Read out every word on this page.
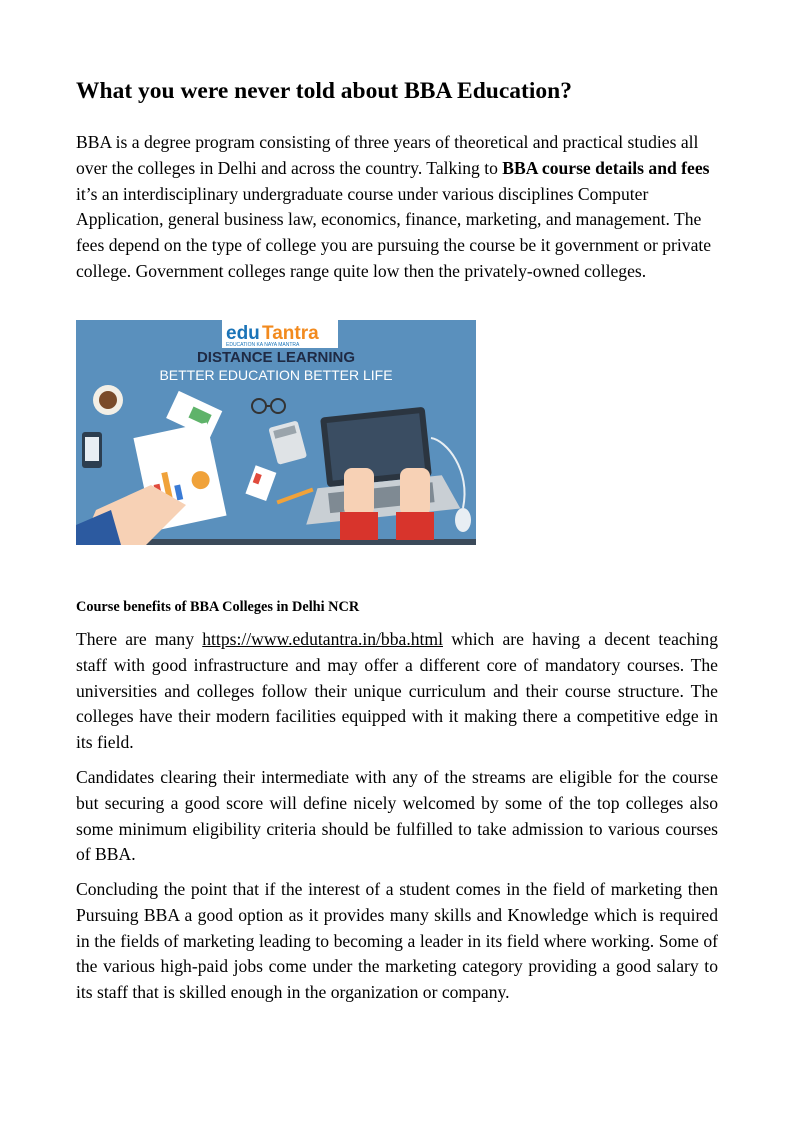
What you were never told about BBA Education?

BBA is a degree program consisting of three years of theoretical and practical studies all over the colleges in Delhi and across the country. Talking to BBA course details and fees it’s an interdisciplinary undergraduate course under various disciplines Computer Application, general business law, economics, finance, marketing, and management. The fees depend on the type of college you are pursuing the course be it government or private college. Government colleges range quite low then the privately-owned colleges.

edu Tantra
EDUCATION KA NAYA MANTRA
DISTANCE LEARNING
BETTER EDUCATION BETTER LIFE
Course benefits of BBA Colleges in Delhi NCR

There are many https://www.edutantra.in/bba.html which are having a decent teaching staff with good infrastructure and may offer a different core of mandatory courses. The universities and colleges follow their unique curriculum and their course structure. The colleges have their modern facilities equipped with it making there a competitive edge in its field.

Candidates clearing their intermediate with any of the streams are eligible for the course but securing a good score will define nicely welcomed by some of the top colleges also some minimum eligibility criteria should be fulfilled to take admission to various courses of BBA.

Concluding the point that if the interest of a student comes in the field of marketing then Pursuing BBA a good option as it provides many skills and Knowledge which is required in the fields of marketing leading to becoming a leader in its field where working. Some of the various high-paid jobs come under the marketing category providing a good salary to its staff that is skilled enough in the organization or company.
